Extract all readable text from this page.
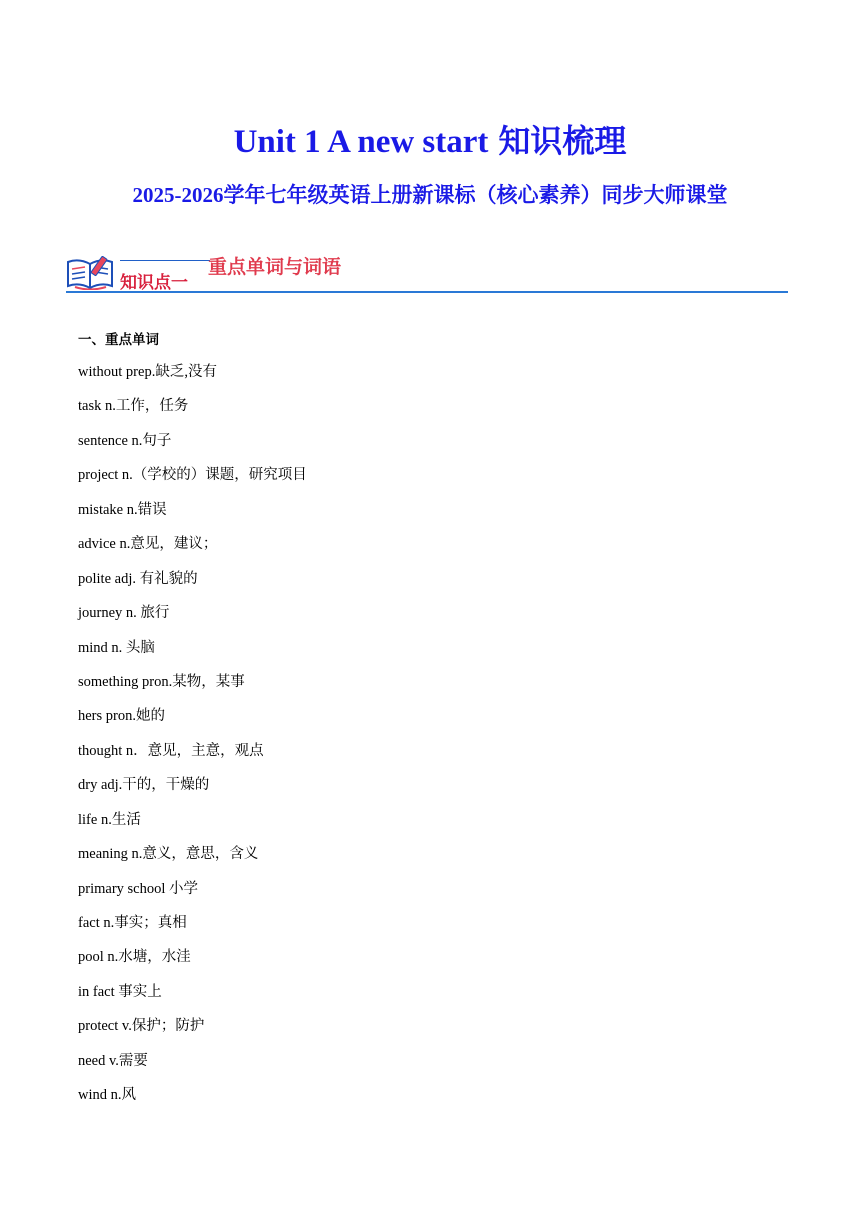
Unit 1 A new start 知识梳理
2025-2026学年七年级英语上册新课标（核心素养）同步大师课堂
知识点一
重点单词与词语
一、重点单词
without prep.缺乏,没有
task n.工作，任务
sentence n.句子
project n.（学校的）课题，研究项目
mistake n.错误
advice n.意见，建议；
polite adj. 有礼貌的
journey n. 旅行
mind n. 头脑
something pron.某物，某事
hers pron.她的
thought n．意见，主意，观点
dry adj.干的，干燥的
life n.生活
meaning n.意义，意思，含义
primary school 小学
fact n.事实；真相
pool n.水塘，水洼
in fact 事实上
protect v.保护；防护
need v.需要
wind n.风
